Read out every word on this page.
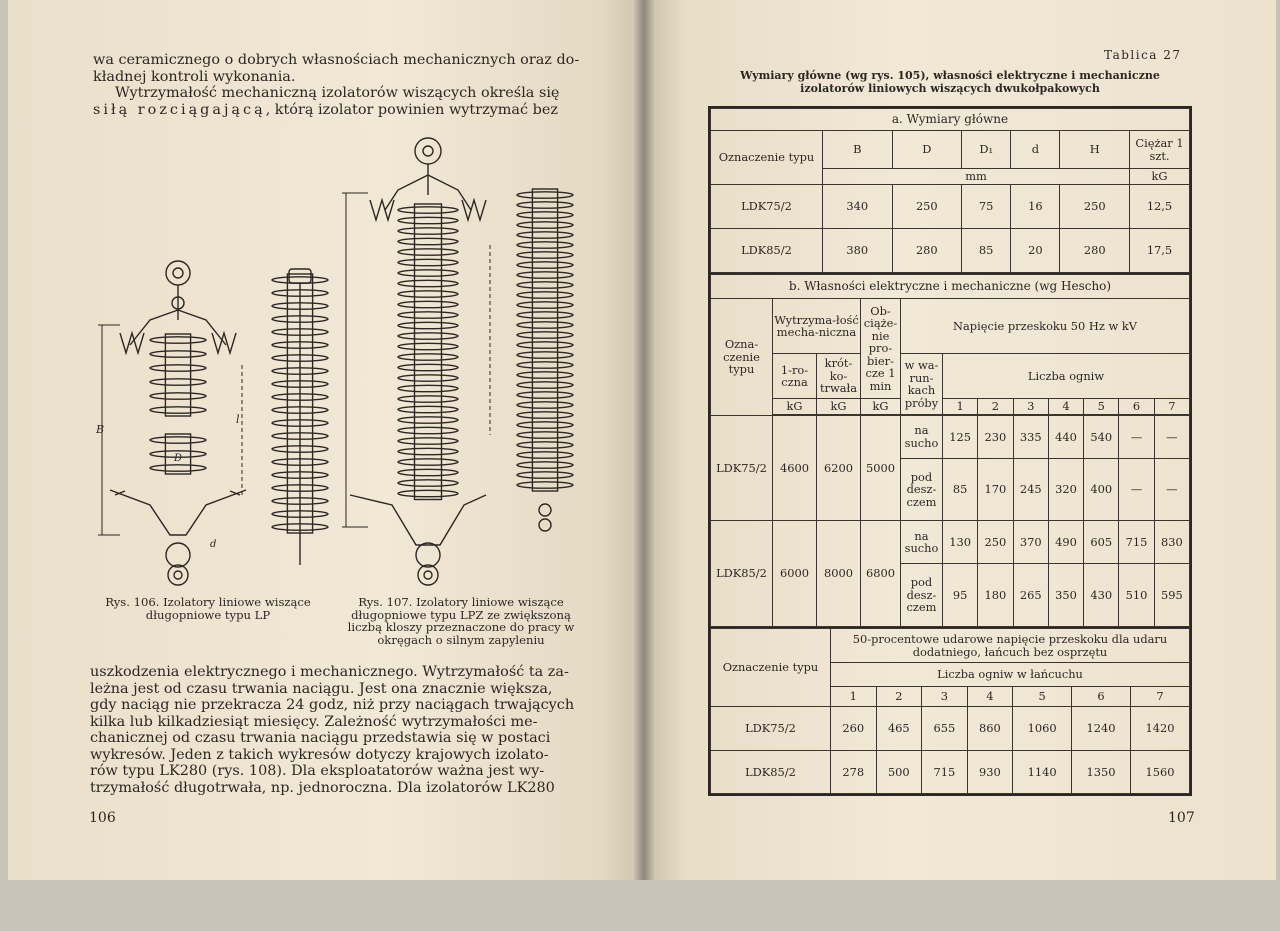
wa ceramicznego o dobrych własnościach mechanicznych oraz do-
kładnej kontroli wykonania.
Wytrzymałość mechaniczną izolatorów wiszących określa się
siłą rozciągającą, którą izolator powinien wytrzymać bez
B
l
D
d
Rys. 106. Izolatory liniowe wiszące długopniowe typu LP
Rys. 107. Izolatory liniowe wiszące długopniowe typu LPZ ze zwiększoną liczbą kloszy przeznaczone do pracy w okręgach o silnym zapyleniu
uszkodzenia elektrycznego i mechanicznego. Wytrzymałość ta za-
leżna jest od czasu trwania naciągu. Jest ona znacznie większa,
gdy naciąg nie przekracza 24 godz, niż przy naciągach trwających
kilka lub kilkadziesiąt miesięcy. Zależność wytrzymałości me-
chanicznej od czasu trwania naciągu przedstawia się w postaci
wykresów. Jeden z takich wykresów dotyczy krajowych izolato-
rów typu LK280 (rys. 108). Dla eksploatatorów ważna jest wy-
trzymałość długotrwała, np. jednoroczna. Dla izolatorów LK280
106
Tablica 27
Wymiary główne (wg rys. 105), własności elektryczne i mechaniczne
izolatorów liniowych wiszących dwukołpakowych
a. Wymiary główne						
Oznaczenie typu	B	D	D₁	d	H	Ciężar 1 szt.
	mm					kG
LDK75/2	340	250	75	16	250	12,5
LDK85/2	380	280	85	20	280	17,5
b. Własności elektryczne i mechaniczne (wg Hescho)											
Ozna-czenie typu	Wytrzyma-łość mecha-niczna		Ob-ciąże-nie pro-bier-cze 1 min	Napięcie przeskoku 50 Hz w kV							
	1-ro-czna	krót-ko-trwała		w wa-run-kach próby	Liczba ogniw						
	kG	kG	kG		1	2	3	4	5	6	7

LDK75/2	4600	6200	5000	na sucho	125	230	335	440	540	—	—
				pod desz-czem	85	170	245	320	400	—	—
LDK85/2	6000	8000	6800	na sucho	130	250	370	490	605	715	830
				pod desz-czem	95	180	265	350	430	510	595
Oznaczenie typu	50-procentowe udarowe napięcie przeskoku dla udaru dodatniego, łańcuch bez osprzętu						
	Liczba ogniw w łańcuchu						
	1	2	3	4	5	6	7
LDK75/2	260	465	655	860	1060	1240	1420
LDK85/2	278	500	715	930	1140	1350	1560
107
